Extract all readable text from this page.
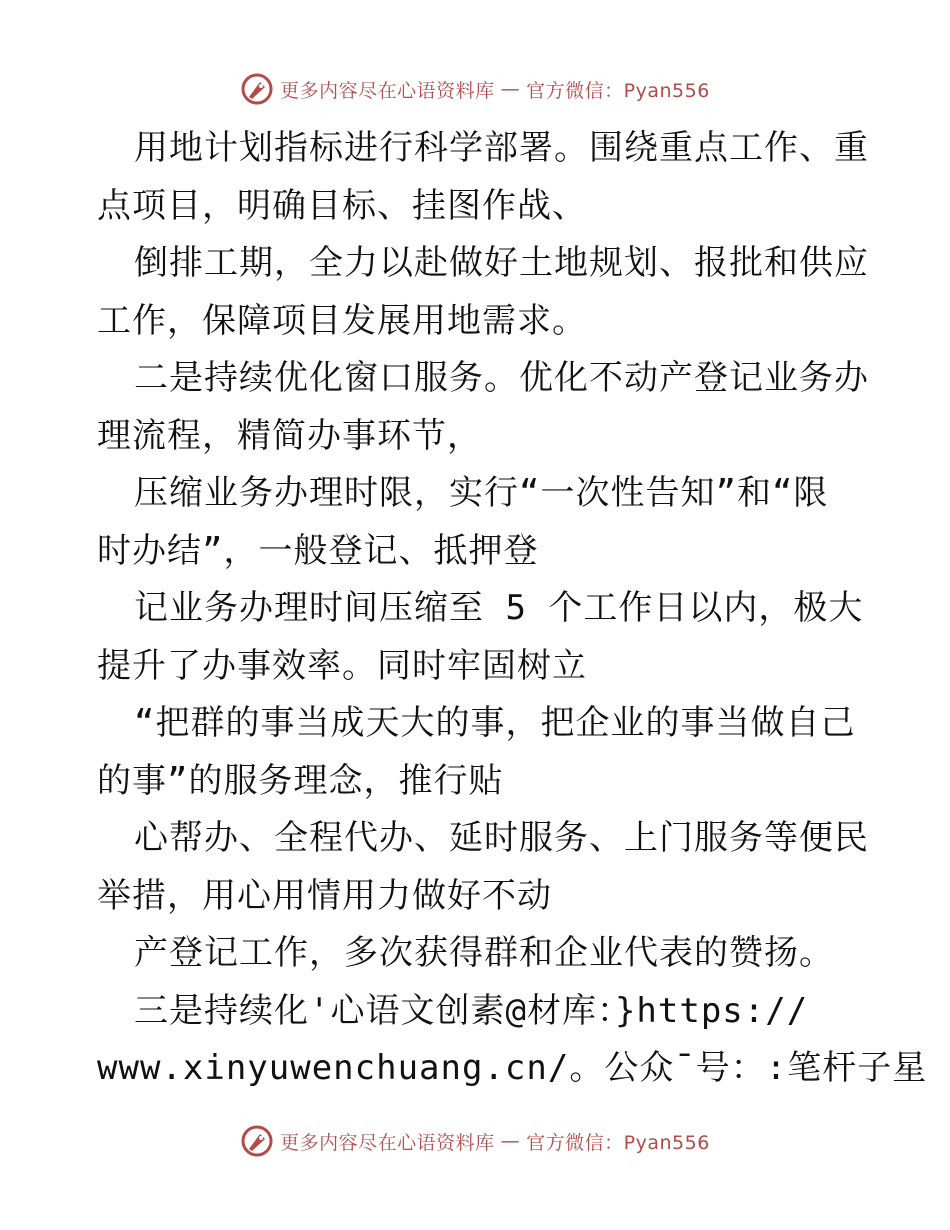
更多内容尽在心语资料库 — 官方微信：Pyan556
用地计划指标进行科学部署。围绕重点工作、重
点项目，明确目标、挂图作战、
倒排工期，全力以赴做好土地规划、报批和供应
工作，保障项目发展用地需求。
二是持续优化窗口服务。优化不动产登记业务办
理流程，精简办事环节，
压缩业务办理时限，实行“一次性告知”和“限
时办结”，一般登记、抵押登
记业务办理时间压缩至 5 个工作日以内，极大
提升了办事效率。同时牢固树立
“把群的事当成天大的事，把企业的事当做自己
的事”的服务理念，推行贴
心帮办、全程代办、延时服务、上门服务等便民
举措，用心用情用力做好不动
产登记工作，多次获得群和企业代表的赞扬。
三是持续化'心语文创素@材库：}https://
www.xinyuwenchuang.cn/。公众¯号：:笔杆子星
更多内容尽在心语资料库 — 官方微信：Pyan556
